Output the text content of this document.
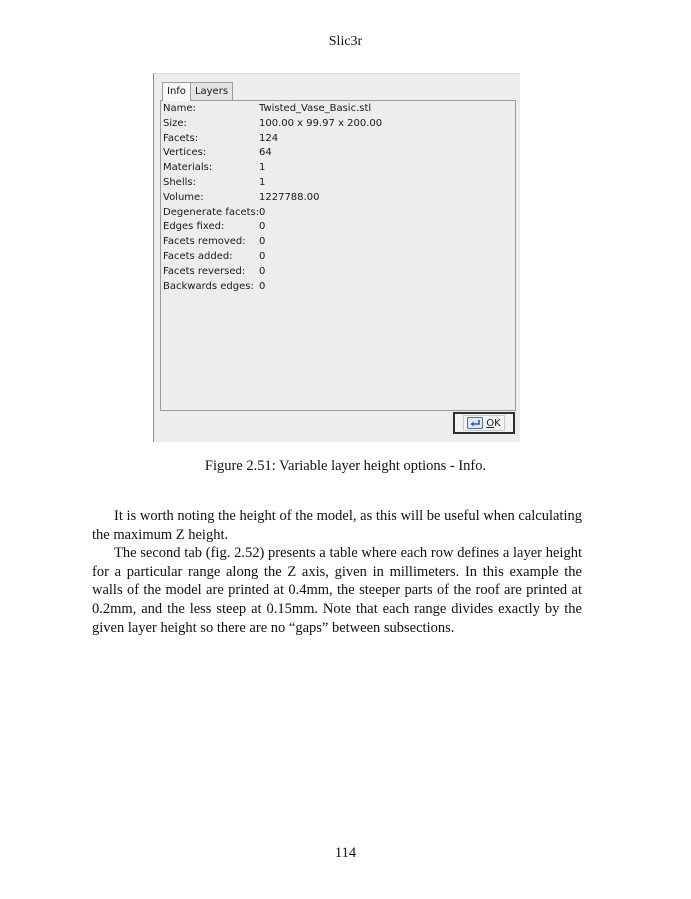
Slic3r
Info Layers
Name:	Twisted_Vase_Basic.stl
Size:	100.00 x 99.97 x 200.00
Facets:	124
Vertices:	64
Materials:	1
Shells:	1
Volume:	1227788.00
Degenerate facets:0
Edges fixed:	0
Facets removed: 0
Facets added:	0
Facets reversed: 0
Backwards edges: 0
OK
Figure 2.51: Variable layer height options - Info.

It is worth noting the height of the model, as this will be useful when calculating the maximum Z height.

The second tab (fig. 2.52) presents a table where each row defines a layer height for a particular range along the Z axis, given in millimeters. In this example the walls of the model are printed at 0.4mm, the steeper parts of the roof are printed at 0.2mm, and the less steep at 0.15mm. Note that each range divides exactly by the given layer height so there are no “gaps” between subsections.

114
